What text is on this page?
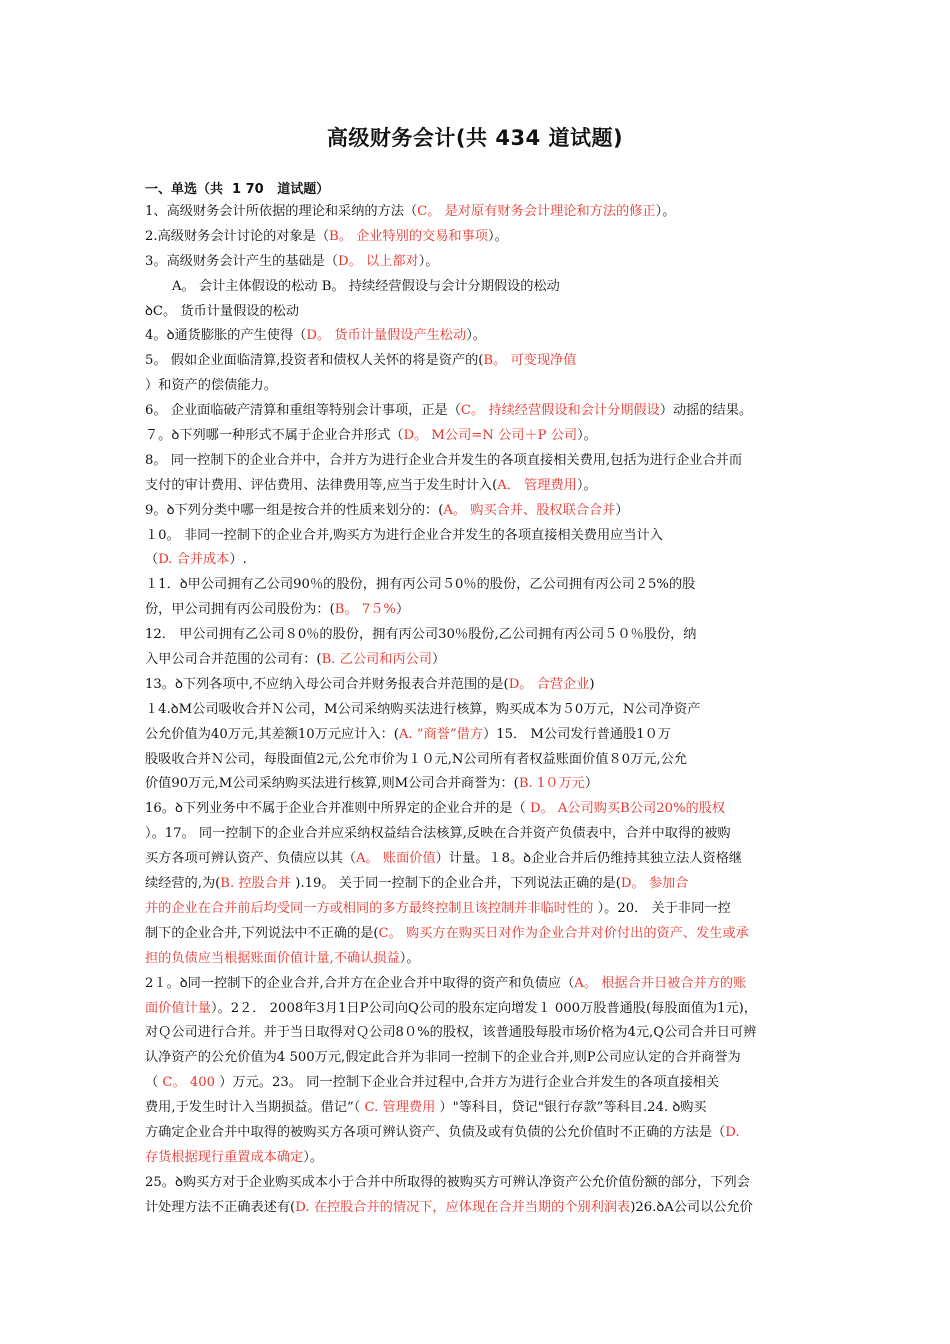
高级财务会计(共 434 道试题)
一、单选（共  1 70   道试题）
1、高级财务会计所依据的理论和采纳的方法（C。 是对原有财务会计理论和方法的修正）。
2.高级财务会计讨论的对象是（B。 企业特别的交易和事项）。
3。高级财务会计产生的基础是（D。 以上都对）。
A。 会计主体假设的松动 B。 持续经营假设与会计分期假设的松动
ꝺC。 货币计量假设的松动
4。ꝺ通货膨胀的产生使得（D。 货币计量假设产生松动）。
5。 假如企业面临清算,投资者和债权人关怀的将是资产的(B。 可变现净值
）和资产的偿债能力。
6。 企业面临破产清算和重组等特别会计事项，正是（C。 持续经营假设和会计分期假设）动摇的结果。
７。ꝺ下列哪一种形式不属于企业合并形式（D。 M公司=N 公司＋P 公司）。
8。 同一控制下的企业合并中，合并方为进行企业合并发生的各项直接相关费用,包括为进行企业合并而
支付的审计费用、评估费用、法律费用等,应当于发生时计入(A． 管理费用）。
9。ꝺ下列分类中哪一组是按合并的性质来划分的：(A。 购买合并、股权联合合并）
１0。 非同一控制下的企业合并,购买方为进行企业合并发生的各项直接相关费用应当计入
（D. 合并成本）.
１1．ꝺ甲公司拥有乙公司90％的股份，拥有丙公司５0％的股份，乙公司拥有丙公司２5%的股
份，甲公司拥有丙公司股份为：(B。 7５%）
12． 甲公司拥有乙公司８0％的股份，拥有丙公司30％股份,乙公司拥有丙公司５０％股份，纳
入甲公司合并范围的公司有：(B. 乙公司和丙公司）
13。ꝺ下列各项中,不应纳入母公司合并财务报表合并范围的是(D。 合营企业)
１4.ꝺM公司吸收合并Ｎ公司，M公司采纳购买法进行核算，购买成本为５0万元，N公司净资产
公允价值为40万元,其差额10万元应计入：(A. ”商誉”借方）15． M公司发行普通股1０万
股吸收合并Ｎ公司，每股面值2元,公允市价为１０元,N公司所有者权益账面价值８0万元,公允
价值90万元,M公司采纳购买法进行核算,则M公司合并商誉为：(B. 1０万元）
16。ꝺ下列业务中不属于企业合并准则中所界定的企业合并的是（ D。 A公司购买B公司20%的股权
）。17。 同一控制下的企业合并应采纳权益结合法核算,反映在合并资产负债表中，合并中取得的被购
买方各项可辨认资产、负债应以其（A。 账面价值）计量。１8。ꝺ企业合并后仍维持其独立法人资格继
续经营的,为(B. 控股合并 ).19。 关于同一控制下的企业合并，下列说法正确的是(D。 参加合
并的企业在合并前后均受同一方或相同的多方最终控制且该控制并非临时性的 ）。20． 关于非同一控
制下的企业合并,下列说法中不正确的是(C。 购买方在购买日对作为企业合并对价付出的资产、发生或承
担的负债应当根据账面价值计量,不确认损益）。
2１。ꝺ同一控制下的企业合并,合并方在企业合并中取得的资产和负债应（A。 根据合并日被合并方的账
面价值计量）。2２． 2008年3月1日P公司向Q公司的股东定向增发１ 000万股普通股(每股面值为1元)，
对Ｑ公司进行合并。并于当日取得对Ｑ公司8０%的股权，该普通股每股市场价格为4元,Q公司合并日可辨
认净资产的公允价值为4 500万元,假定此合并为非同一控制下的企业合并,则P公司应认定的合并商誉为
（ C。 400 ）万元。23。 同一控制下企业合并过程中,合并方为进行企业合并发生的各项直接相关
费用,于发生时计入当期损益。借记”（ C. 管理费用 ）"等科目，贷记"银行存款”等科目.24. ꝺ购买
方确定企业合并中取得的被购买方各项可辨认资产、负债及或有负债的公允价值时不正确的方法是（D.
存货根据现行重置成本确定）。
25。ꝺ购买方对于企业购买成本小于合并中所取得的被购买方可辨认净资产公允价值份额的部分，下列会
计处理方法不正确表述有(D. 在控股合并的情况下，应体现在合并当期的个别利润表)26.ꝺA公司以公允价
